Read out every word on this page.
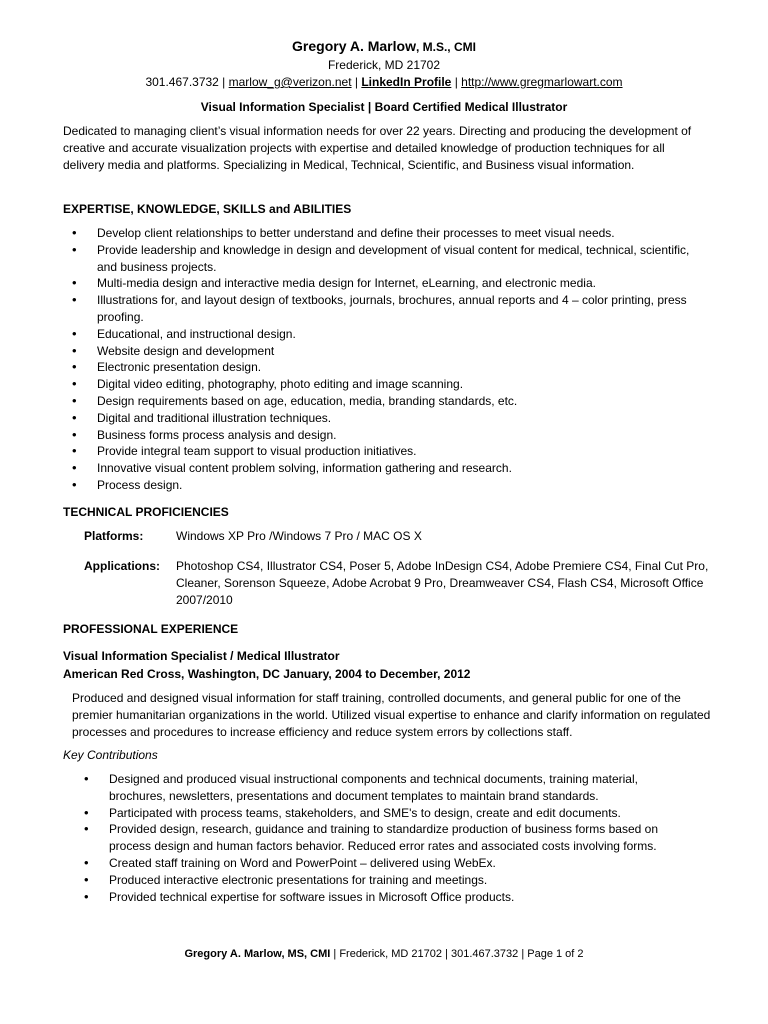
Gregory A. Marlow, M.S., CMI
Frederick, MD 21702
301.467.3732 | marlow_g@verizon.net | LinkedIn Profile | http://www.gregmarlowart.com
Visual Information Specialist | Board Certified Medical Illustrator
Dedicated to managing client’s visual information needs for over 22 years. Directing and producing the development of creative and accurate visualization projects with expertise and detailed knowledge of production techniques for all delivery media and platforms. Specializing in Medical, Technical, Scientific, and Business visual information.
EXPERTISE, KNOWLEDGE, SKILLS and ABILITIES
• Develop client relationships to better understand and define their processes to meet visual needs.
• Provide leadership and knowledge in design and development of visual content for medical, technical, scientific, and business projects.
• Multi-media design and interactive media design for Internet, eLearning, and electronic media.
• Illustrations for, and layout design of textbooks, journals, brochures, annual reports and 4 – color printing, press proofing.
• Educational, and instructional design.
• Website design and development
• Electronic presentation design.
• Digital video editing, photography, photo editing and image scanning.
• Design requirements based on age, education, media, branding standards, etc.
• Digital and traditional illustration techniques.
• Business forms process analysis and design.
• Provide integral team support to visual production initiatives.
• Innovative visual content problem solving, information gathering and research.
• Process design.
TECHNICAL PROFICIENCIES
Platforms:	Windows XP Pro /Windows 7 Pro / MAC OS X
Applications:	Photoshop CS4, Illustrator CS4, Poser 5, Adobe InDesign CS4, Adobe Premiere CS4, Final Cut Pro, Cleaner, Sorenson Squeeze, Adobe Acrobat 9 Pro, Dreamweaver CS4, Flash CS4, Microsoft Office 2007/2010
PROFESSIONAL EXPERIENCE
Visual Information Specialist / Medical Illustrator
American Red Cross, Washington, DC January, 2004 to December, 2012
Produced and designed visual information for staff training, controlled documents, and general public for one of the premier humanitarian organizations in the world. Utilized visual expertise to enhance and clarify information on regulated processes and procedures to increase efficiency and reduce system errors by collections staff.
Key Contributions
• Designed and produced visual instructional components and technical documents, training material, brochures, newsletters, presentations and document templates to maintain brand standards.
• Participated with process teams, stakeholders, and SME's to design, create and edit documents.
• Provided design, research, guidance and training to standardize production of business forms based on process design and human factors behavior. Reduced error rates and associated costs involving forms.
• Created staff training on Word and PowerPoint – delivered using WebEx.
• Produced interactive electronic presentations for training and meetings.
• Provided technical expertise for software issues in Microsoft Office products.
Gregory A. Marlow, MS, CMI | Frederick, MD 21702 | 301.467.3732 | Page 1 of 2
